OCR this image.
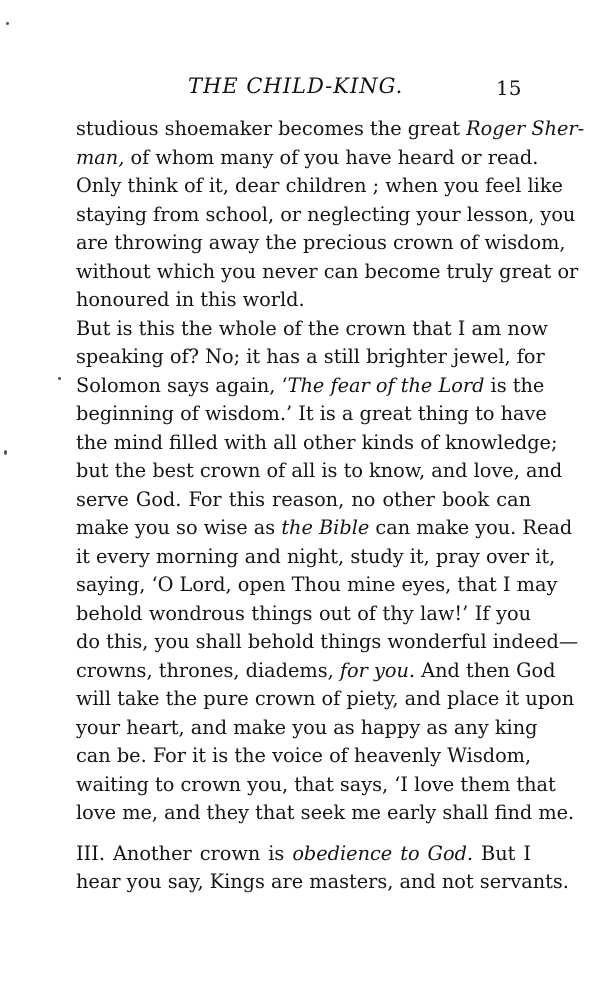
THE CHILD-KING.	15
studious shoemaker becomes the great Roger Sher-
man, of whom many of you have heard or read.
Only think of it, dear children ; when you feel like
staying from school, or neglecting your lesson, you
are throwing away the precious crown of wisdom,
without which you never can become truly great or
honoured in this world.
But is this the whole of the crown that I am now
speaking of? No; it has a still brighter jewel, for
Solomon says again, ‘The fear of the Lord is the
beginning of wisdom.’ It is a great thing to have
the mind filled with all other kinds of knowledge;
but the best crown of all is to know, and love, and
serve God. For this reason, no other book can
make you so wise as the Bible can make you. Read
it every morning and night, study it, pray over it,
saying, ‘O Lord, open Thou mine eyes, that I may
behold wondrous things out of thy law!’ If you
do this, you shall behold things wonderful indeed—
crowns, thrones, diadems, for you. And then God
will take the pure crown of piety, and place it upon
your heart, and make you as happy as any king
can be. For it is the voice of heavenly Wisdom,
waiting to crown you, that says, ‘I love them that
love me, and they that seek me early shall find me.
III. Another crown is obedience to God. But I
hear you say, Kings are masters, and not servants.
